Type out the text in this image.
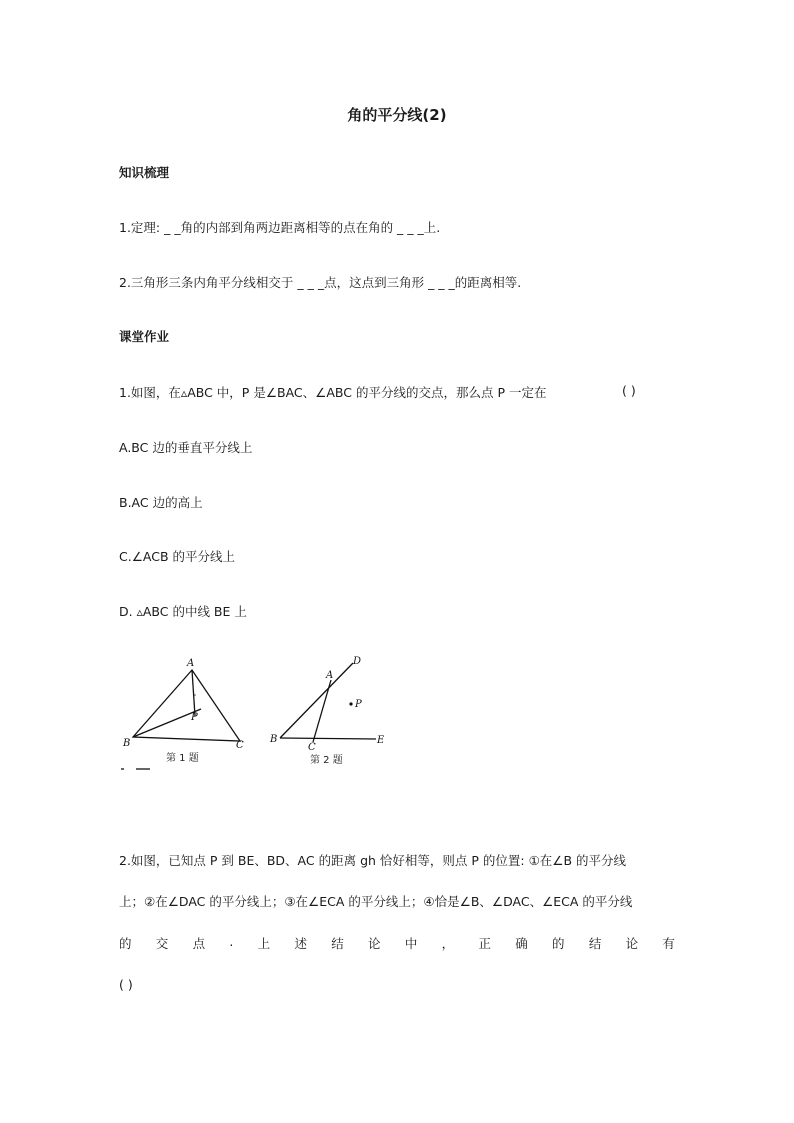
角的平分线(2)
知识梳理
1.定理: _ _角的内部到角两边距离相等的点在角的 _ _ _上.
2.三角形三条内角平分线相交于 _ _ _点，这点到三角形 _ _ _的距离相等.
课堂作业
1.如图，在▵ABC 中，P 是∠BAC、∠ABC 的平分线的交点，那么点 P 一定在	( )
A.BC 边的垂直平分线上
B.AC 边的高上
C.∠ACB 的平分线上
D. ▵ABC 的中线 BE 上
A
B	C
P
第 1 题
D
A
P
B
C
E
第 2 题
2.如图，已知点 P 到 BE、BD、AC 的距离 gh 恰好相等，则点 P 的位置: ①在∠B 的平分线
上；②在∠DAC 的平分线上；③在∠ECA 的平分线上；④恰是∠B、∠DAC、∠ECA 的平分线
的 交 点 . 上 述 结 论 中 ， 正 确 的 结 论 有
( )
